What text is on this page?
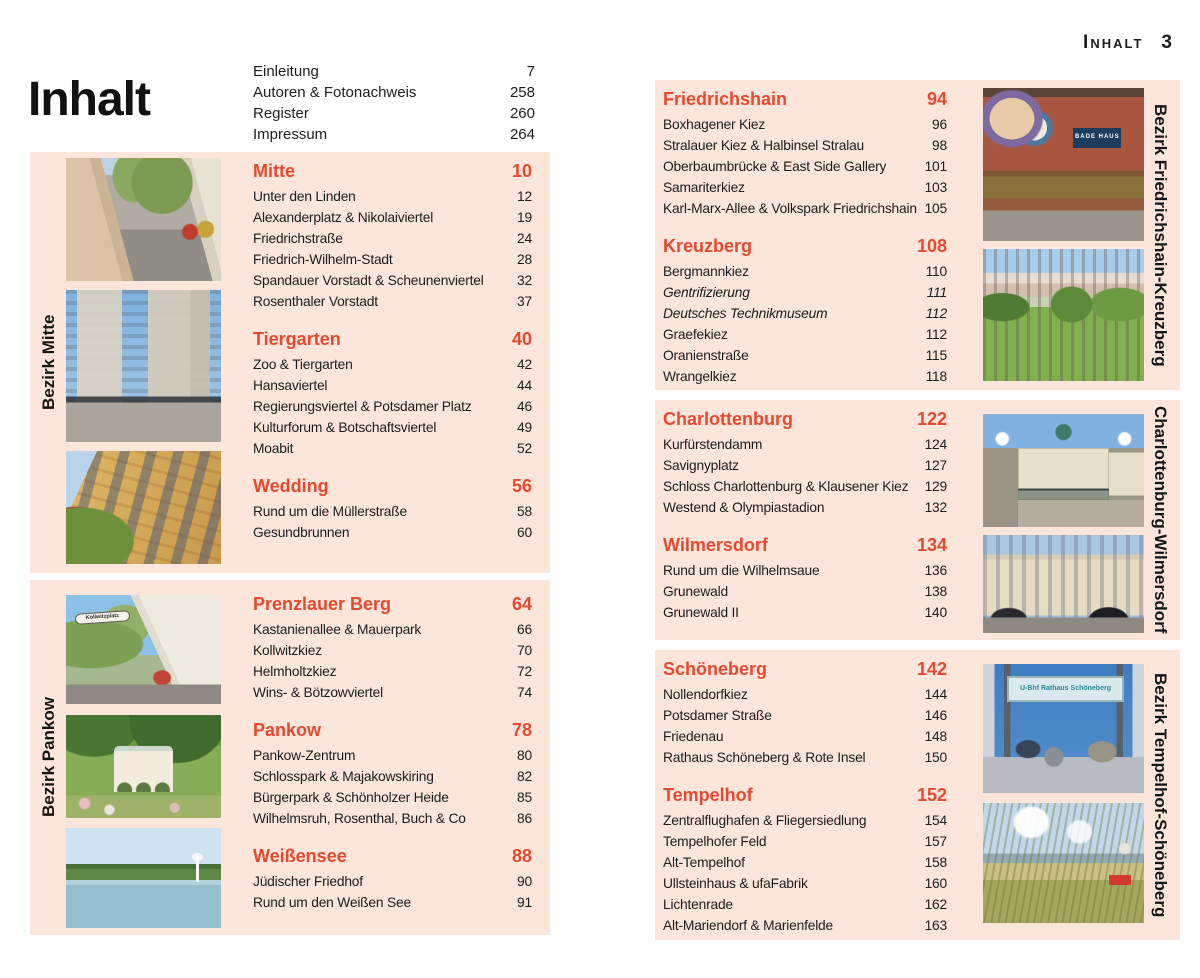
Inhalt 3
Inhalt
Einleitung	7
Autoren & Fotonachweis	258
Register	260
Impressum	264
Bezirk Mitte
Mitte	10
Unter den Linden	12
Alexanderplatz & Nikolaiviertel	19
Friedrichstraße	24
Friedrich-Wilhelm-Stadt	28
Spandauer Vorstadt & Scheunenviertel 32
Rosenthaler Vorstadt	37
Tiergarten	40
Zoo & Tiergarten	42
Hansaviertel	44
Regierungsviertel & Potsdamer Platz	46
Kulturforum & Botschaftsviertel	49
Moabit	52
Wedding	56
Rund um die Müllerstraße	58
Gesundbrunnen	60
Bezirk Pankow
Kollwitzplatz
Prenzlauer Berg	64
Kastanienallee & Mauerpark	66
Kollwitzkiez	70
Helmholtzkiez	72
Wins- & Bötzowviertel	74
Pankow	78
Pankow-Zentrum	80
Schlosspark & Majakowskiring	82
Bürgerpark & Schönholzer Heide	85
Wilhelmsruh, Rosenthal, Buch & Co	86
Weißensee	88
Jüdischer Friedhof	90
Rund um den Weißen See	91
Bezirk Friedrichshain-Kreuzberg
BADE HAUS
Friedrichshain	94
Boxhagener Kiez	96
Stralauer Kiez & Halbinsel Stralau	98
Oberbaumbrücke & East Side Gallery	101
Samariterkiez	103
Karl-Marx-Allee & Volkspark Friedrichshain 105
Kreuzberg	108
Bergmannkiez	110
Gentrifizierung	111
Deutsches Technikmuseum	112
Graefekiez	112
Oranienstraße	115
Wrangelkiez	118
Charlottenburg-Wilmersdorf
Charlottenburg	122
Kurfürstendamm	124
Savignyplatz	127
Schloss Charlottenburg & Klausener Kiez 129
Westend & Olympiastadion	132
Wilmersdorf	134
Rund um die Wilhelmsaue	136
Grunewald	138
Grunewald II	140
Bezirk Tempelhof-Schöneberg
U-Bhf Rathaus Schöneberg
Schöneberg	142
Nollendorfkiez	144
Potsdamer Straße	146
Friedenau	148
Rathaus Schöneberg & Rote Insel	150
Tempelhof	152
Zentralflughafen & Fliegersiedlung	154
Tempelhofer Feld	157
Alt-Tempelhof	158
Ullsteinhaus & ufaFabrik	160
Lichtenrade	162
Alt-Mariendorf & Marienfelde	163
